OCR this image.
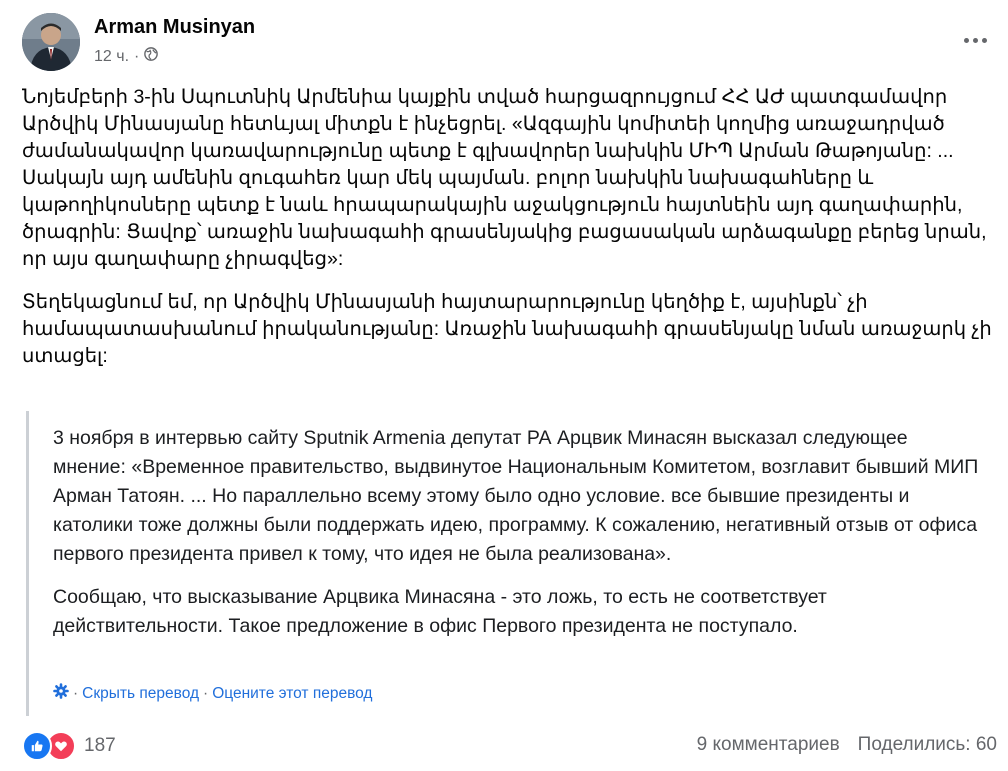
Arman Musinyan
12 ч. ·

Նոյեմբերի 3-ին Սպուտնիկ Արմենիա կայքին տված հարցազրույցում ՀՀ ԱԺ պատգամավոր Արծվիկ Մինասյանը հետևյալ միտքն է ինչեցրել. «Ազգային կոմիտեի կողմից առաջադրված ժամանակավոր կառավարությունը պետք է գլխավորեր նախկին ՄԻՊ Արման Թաթոյանը: ... Սակայն այդ ամենին զուգահեռ կար մեկ պայման. բոլոր նախկին նախագահները և կաթողիկոսները պետք է նաև հրապարակային աջակցություն հայտնեին այդ գաղափարին, ծրագրին: Ցավոք՝ առաջին նախագահի գրասենյակից բացասական արձագանքը բերեց նրան, որ այս գաղափարը չիրագվեց»:

Տեղեկացնում եմ, որ Արծվիկ Մինասյանի հայտարարությունը կեղծիք է, այսինքն՝ չի համապատասխանում իրականությանը: Առաջին նախագահի գրասենյակը նման առաջարկ չի ստացել:

3 ноября в интервью сайту Sputnik Armenia депутат РА Арцвик Минасян высказал следующее мнение: «Временное правительство, выдвинутое Национальным Комитетом, возглавит бывший МИП Арман Татоян. ... Но параллельно всему этому было одно условие. все бывшие президенты и католики тоже должны были поддержать идею, программу. К сожалению, негативный отзыв от офиса первого президента привел к тому, что идея не была реализована».

Сообщаю, что высказывание Арцвика Минасяна - это ложь, то есть не соответствует действительности. Такое предложение в офис Первого президента не поступало.

· Скрыть перевод · Оцените этот перевод
187	9 комментариев Поделились: 60
